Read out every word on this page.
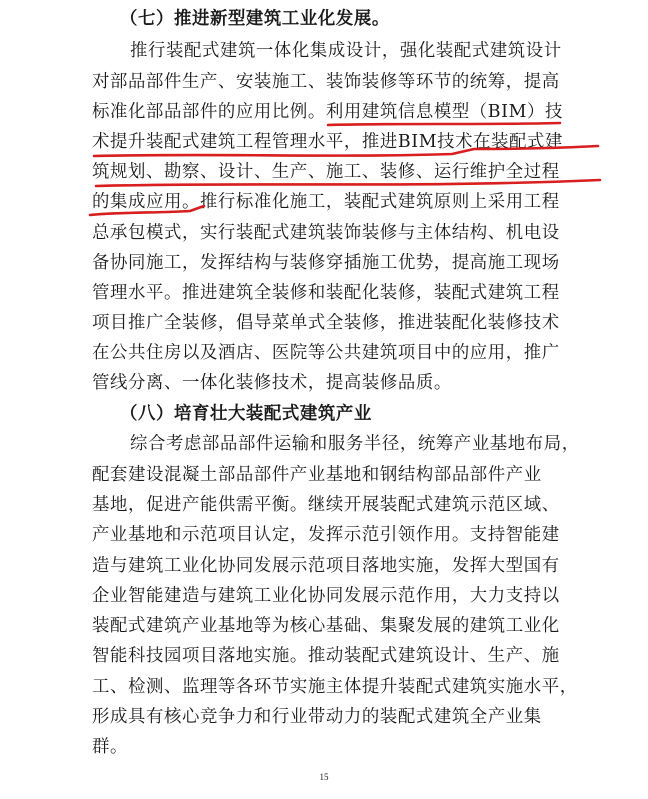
（七）推进新型建筑工业化发展。
推行装配式建筑一体化集成设计，强化装配式建筑设计
对部品部件生产、安装施工、装饰装修等环节的统筹，提高
标准化部品部件的应用比例。利用建筑信息模型（BIM）技
术提升装配式建筑工程管理水平，推进BIM技术在装配式建
筑规划、勘察、设计、生产、施工、装修、运行维护全过程
的集成应用。推行标准化施工，装配式建筑原则上采用工程
总承包模式，实行装配式建筑装饰装修与主体结构、机电设
备协同施工，发挥结构与装修穿插施工优势，提高施工现场
管理水平。推进建筑全装修和装配化装修，装配式建筑工程
项目推广全装修，倡导菜单式全装修，推进装配化装修技术
在公共住房以及酒店、医院等公共建筑项目中的应用，推广
管线分离、一体化装修技术，提高装修品质。
（八）培育壮大装配式建筑产业
综合考虑部品部件运输和服务半径，统筹产业基地布局，
配套建设混凝土部品部件产业基地和钢结构部品部件产业
基地，促进产能供需平衡。继续开展装配式建筑示范区域、
产业基地和示范项目认定，发挥示范引领作用。支持智能建
造与建筑工业化协同发展示范项目落地实施，发挥大型国有
企业智能建造与建筑工业化协同发展示范作用，大力支持以
装配式建筑产业基地等为核心基础、集聚发展的建筑工业化
智能科技园项目落地实施。推动装配式建筑设计、生产、施
工、检测、监理等各环节实施主体提升装配式建筑实施水平，
形成具有核心竞争力和行业带动力的装配式建筑全产业集
群。
15
